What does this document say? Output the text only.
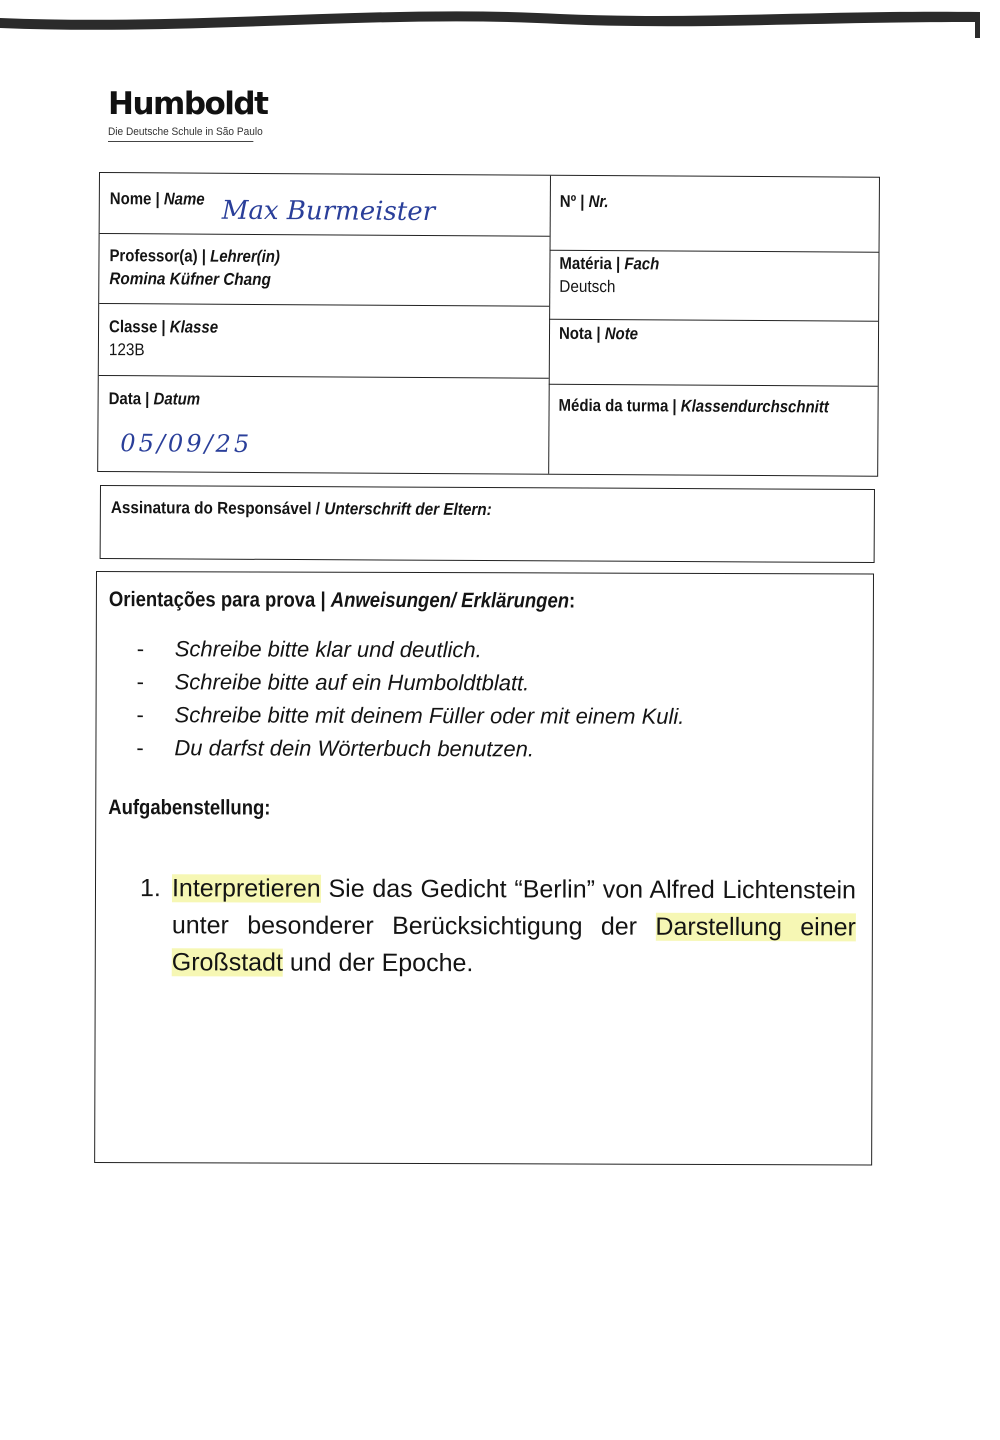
Humboldt
Die Deutsche Schule in São Paulo
Nome | Name Max Burmeister	Nº | Nr.
Professor(a) | Lehrer(in)
Romina Küfner Chang
Matéria | Fach
Deutsch
Classe | Klasse
123B
Nota | Note
Data | Datum
05/09/25
Média da turma | Klassendurchschnitt
Assinatura do Responsável / Unterschrift der Eltern:
Orientações para prova | Anweisungen/ Erklärungen:
- Schreibe bitte klar und deutlich.
- Schreibe bitte auf ein Humboldtblatt.
- Schreibe bitte mit deinem Füller oder mit einem Kuli.
- Du darfst dein Wörterbuch benutzen.
Aufgabenstellung:
1. Interpretieren Sie das Gedicht “Berlin” von Alfred Lichtenstein unter besonderer Berücksichtigung der Darstellung einer Großstadt und der Epoche.
